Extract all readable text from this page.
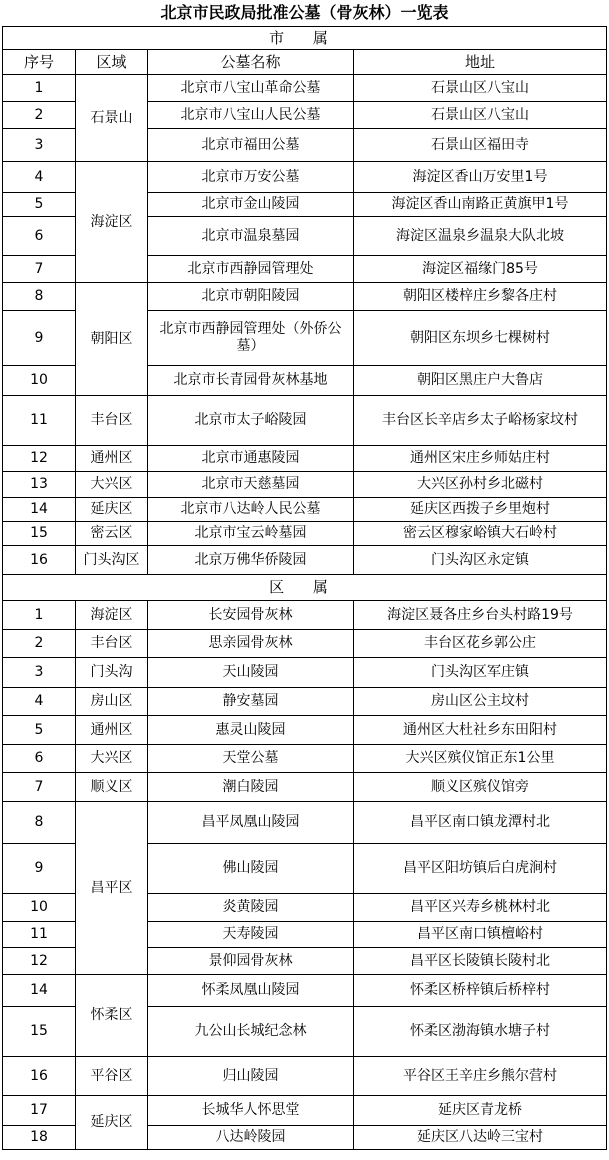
北京市民政局批准公墓（骨灰林）一览表
市 属			
序号	区域	公墓名称	地址
1	石景山	北京市八宝山革命公墓	石景山区八宝山
2		北京市八宝山人民公墓	石景山区八宝山
3		北京市福田公墓	石景山区福田寺
4	海淀区	北京市万安公墓	海淀区香山万安里1号
5		北京市金山陵园	海淀区香山南路正黄旗甲1号
6		北京市温泉墓园	海淀区温泉乡温泉大队北坡
7		北京市西静园管理处	海淀区福缘门85号
8	朝阳区	北京市朝阳陵园	朝阳区楼梓庄乡黎各庄村
9		北京市西静园管理处（外侨公墓）	朝阳区东坝乡七棵树村
10		北京市长青园骨灰林基地	朝阳区黑庄户大鲁店
11	丰台区	北京市太子峪陵园	丰台区长辛店乡太子峪杨家坟村
12	通州区	北京市通惠陵园	通州区宋庄乡师姑庄村
13	大兴区	北京市天慈墓园	大兴区孙村乡北磁村
14	延庆区	北京市八达岭人民公墓	延庆区西拨子乡里炮村
15	密云区	北京市宝云岭墓园	密云区穆家峪镇大石岭村
16	门头沟区	北京万佛华侨陵园	门头沟区永定镇
区 属			
1	海淀区	长安园骨灰林	海淀区聂各庄乡台头村路19号
2	丰台区	思亲园骨灰林	丰台区花乡郭公庄
3	门头沟	天山陵园	门头沟区军庄镇
4	房山区	静安墓园	房山区公主坟村
5	通州区	惠灵山陵园	通州区大杜社乡东田阳村
6	大兴区	天堂公墓	大兴区殡仪馆正东1公里
7	顺义区	潮白陵园	顺义区殡仪馆旁
8	昌平区	昌平凤凰山陵园	昌平区南口镇龙潭村北
9		佛山陵园	昌平区阳坊镇后白虎涧村
10		炎黄陵园	昌平区兴寿乡桃林村北
11		天寿陵园	昌平区南口镇檀峪村
12		景仰园骨灰林	昌平区长陵镇长陵村北
14	怀柔区	怀柔凤凰山陵园	怀柔区桥梓镇后桥梓村
15		九公山长城纪念林	怀柔区渤海镇水塘子村
16	平谷区	归山陵园	平谷区王辛庄乡熊尔营村
17	延庆区	长城华人怀思堂	延庆区青龙桥
18		八达岭陵园	延庆区八达岭三宝村
